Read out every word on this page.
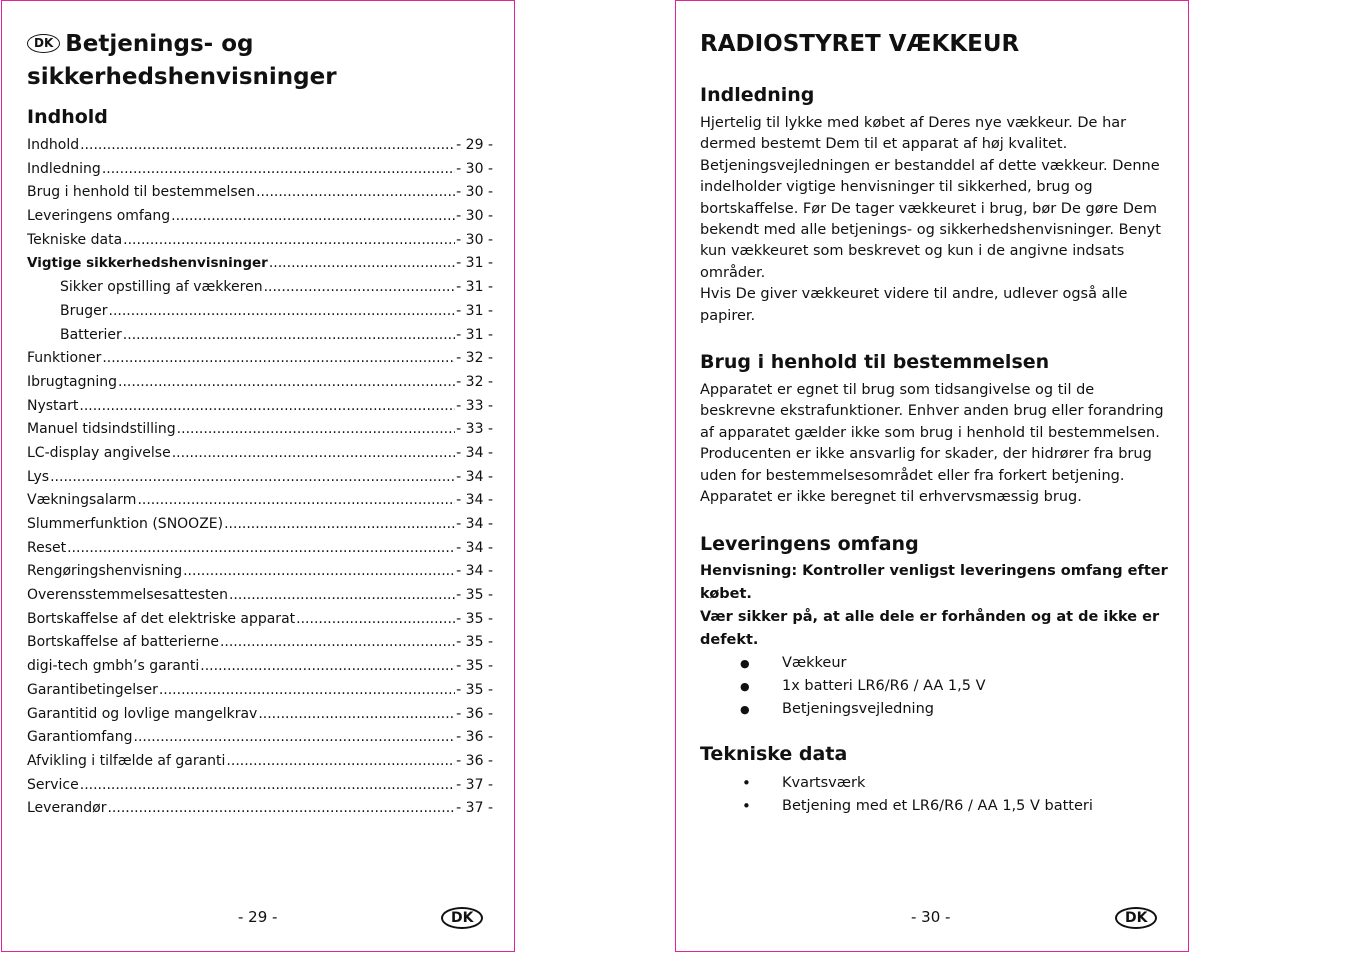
DK Betjenings- og sikkerhedshenvisninger
Indhold
Indhold .....	- 29 -
Indledning .....	- 30 -
Brug i henhold til bestemmelsen .....	- 30 -
Leveringens omfang .....	- 30 -
Tekniske data .....	- 30 -
Vigtige sikkerhedshenvisninger .....	- 31 -
Sikker opstilling af vækkeren .....	- 31 -
Bruger .....	- 31 -
Batterier .....	- 31 -
Funktioner .....	- 32 -
Ibrugtagning .....	- 32 -
Nystart .....	- 33 -
Manuel tidsindstilling .....	- 33 -
LC-display angivelse .....	- 34 -
Lys .....	- 34 -
Vækningsalarm .....	- 34 -
Slummerfunktion (SNOOZE) .....	- 34 -
Reset .....	- 34 -
Rengøringshenvisning .....	- 34 -
Overensstemmelsesattesten .....	- 35 -
Bortskaffelse af det elektriske apparat .....	- 35 -
Bortskaffelse af batterierne .....	- 35 -
digi-tech gmbh’s garanti .....	- 35 -
Garantibetingelser .....	- 35 -
Garantitid og lovlige mangelkrav .....	- 36 -
Garantiomfang .....	- 36 -
Afvikling i tilfælde af garanti .....	- 36 -
Service .....	- 37 -
Leverandør .....	- 37 -
- 29 -	DK
RADIOSTYRET VÆKKEUR
Indledning

Hjertelig til lykke med købet af Deres nye vækkeur. De har dermed bestemt Dem til et apparat af høj kvalitet.

Betjeningsvejledningen er bestanddel af dette vækkeur. Denne indelholder vigtige henvisninger til sikkerhed, brug og bortskaffelse. Før De tager vækkeuret i brug, bør De gøre Dem bekendt med alle betjenings- og sikkerhedshenvisninger. Benyt kun vækkeuret som beskrevet og kun i de angivne indsats områder.

Hvis De giver vækkeuret videre til andre, udlever også alle papirer.

Brug i henhold til bestemmelsen

Apparatet er egnet til brug som tidsangivelse og til de beskrevne ekstrafunktioner. Enhver anden brug eller forandring af apparatet gælder ikke som brug i henhold til bestemmelsen. Producenten er ikke ansvarlig for skader, der hidrører fra brug uden for bestemmelsesområdet eller fra forkert betjening. Apparatet er ikke beregnet til erhvervsmæssig brug.

Leveringens omfang

Henvisning: Kontroller venligst leveringens omfang efter købet.

Vær sikker på, at alle dele er forhånden og at de ikke er defekt.

● Vækkeur
● 1x batteri LR6/R6 / AA 1,5 V
● Betjeningsvejledning
Tekniske data
• Kvartsværk
• Betjening med et LR6/R6 / AA 1,5 V batteri
- 30 -	DK
